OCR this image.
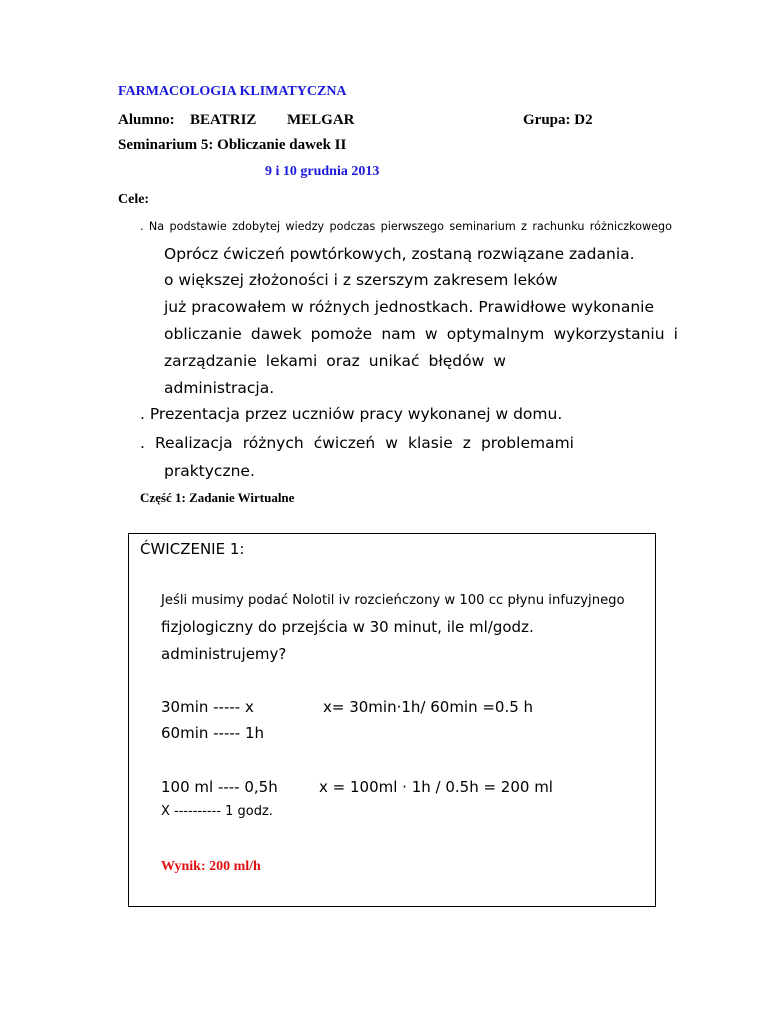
FARMACOLOGIA KLIMATYCZNA
Alumno: BEATRIZ MELGAR	Grupa: D2
Seminarium 5: Obliczanie dawek II
9 i 10 grudnia 2013
Cele:
. Na podstawie zdobytej wiedzy podczas pierwszego seminarium z rachunku różniczkowego
Oprócz ćwiczeń powtórkowych, zostaną rozwiązane zadania.
o większej złożoności i z szerszym zakresem leków
już pracowałem w różnych jednostkach. Prawidłowe wykonanie
obliczanie dawek pomoże nam w optymalnym wykorzystaniu i
zarządzanie lekami oraz unikać błędów w
administracja.
. Prezentacja przez uczniów pracy wykonanej w domu.
. Realizacja różnych ćwiczeń w klasie z problemami
praktyczne.
Część 1: Zadanie Wirtualne
ĆWICZENIE 1:
Jeśli musimy podać Nolotil iv rozcieńczony w 100 cc płynu infuzyjnego
fizjologiczny do przejścia w 30 minut, ile ml/godz.
administrujemy?
30min ----- x	x= 30min·1h/ 60min =0.5 h
60min ----- 1h
100 ml ---- 0,5h	x = 100ml · 1h / 0.5h = 200 ml
X ---------- 1 godz.
Wynik: 200 ml/h
